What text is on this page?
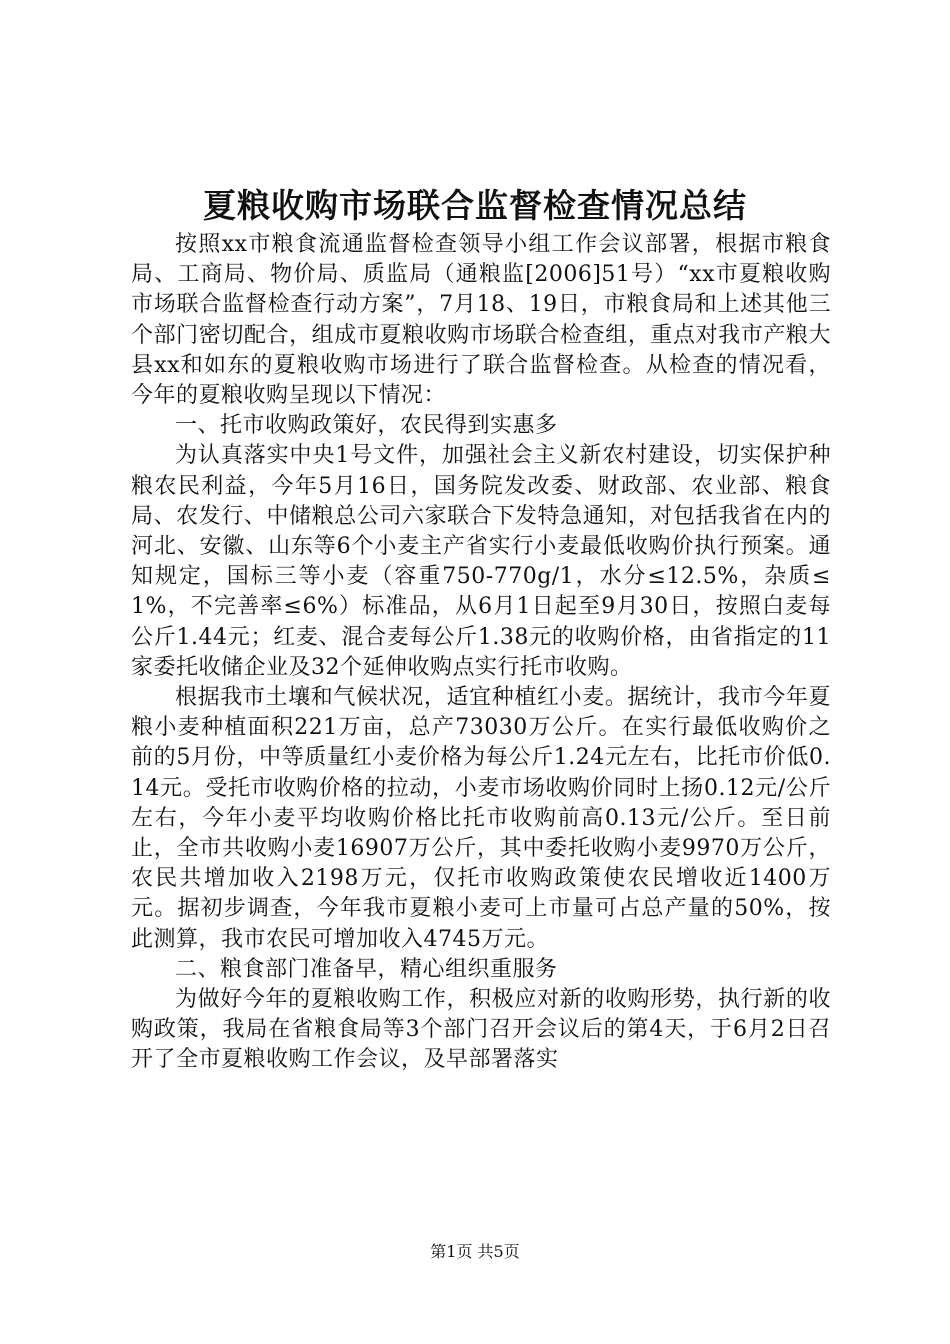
夏粮收购市场联合监督检查情况总结

按照xx市粮食流通监督检查领导小组工作会议部署，根据市粮食局、工商局、物价局、质监局（通粮监[2006]51号）“xx市夏粮收购市场联合监督检查行动方案”，7月18、19日，市粮食局和上述其他三个部门密切配合，组成市夏粮收购市场联合检查组，重点对我市产粮大县xx和如东的夏粮收购市场进行了联合监督检查。从检查的情况看，今年的夏粮收购呈现以下情况：

一、托市收购政策好，农民得到实惠多

为认真落实中央1号文件，加强社会主义新农村建设，切实保护种粮农民利益，今年5月16日，国务院发改委、财政部、农业部、粮食局、农发行、中储粮总公司六家联合下发特急通知，对包括我省在内的河北、安徽、山东等6个小麦主产省实行小麦最低收购价执行预案。通知规定，国标三等小麦（容重750-770g/1，水分≤12.5%，杂质≤1%，不完善率≤6%）标准品，从6月1日起至9月30日，按照白麦每公斤1.44元；红麦、混合麦每公斤1.38元的收购价格，由省指定的11家委托收储企业及32个延伸收购点实行托市收购。

根据我市土壤和气候状况，适宜种植红小麦。据统计，我市今年夏粮小麦种植面积221万亩，总产73030万公斤。在实行最低收购价之前的5月份，中等质量红小麦价格为每公斤1.24元左右，比托市价低0.14元。受托市收购价格的拉动，小麦市场收购价同时上扬0.12元/公斤左右，今年小麦平均收购价格比托市收购前高0.13元/公斤。至日前止，全市共收购小麦16907万公斤，其中委托收购小麦9970万公斤，农民共增加收入2198万元，仅托市收购政策使农民增收近1400万元。据初步调查，今年我市夏粮小麦可上市量可占总产量的50%，按此测算，我市农民可增加收入4745万元。

二、粮食部门准备早，精心组织重服务

为做好今年的夏粮收购工作，积极应对新的收购形势，执行新的收购政策，我局在省粮食局等3个部门召开会议后的第4天，于6月2日召开了全市夏粮收购工作会议，及早部署落实

第1页 共5页
